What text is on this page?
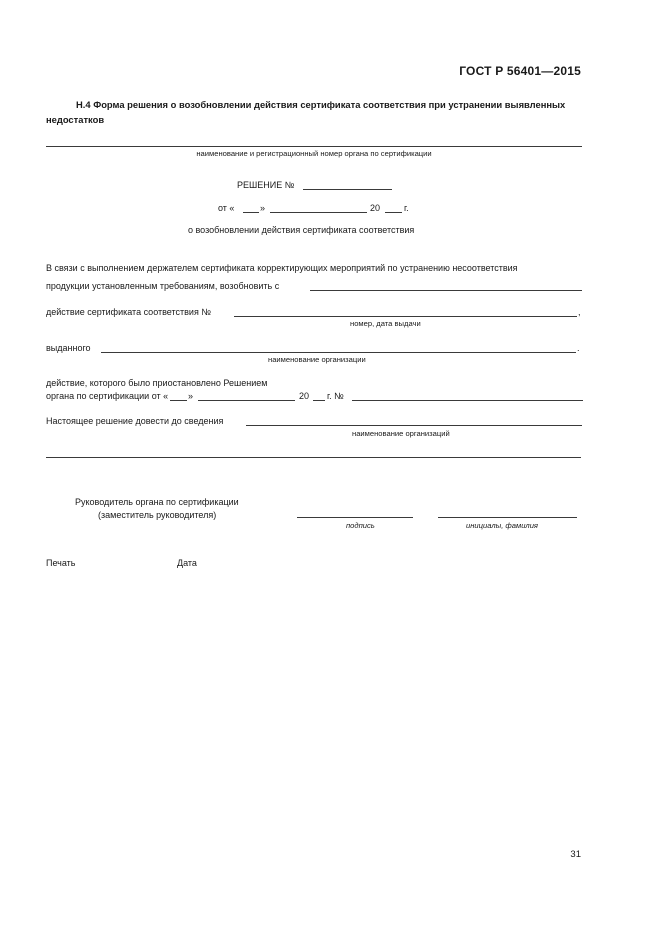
ГОСТ Р 56401—2015
Н.4 Форма решения о возобновлении действия сертификата соответствия при устранении выявленных недостатков
наименование и регистрационный номер органа по сертификации
РЕШЕНИЕ №
от «	»	20	г.
о возобновлении действия сертификата соответствия
В связи с выполнением держателем сертификата корректирующих мероприятий по устранению несоответствия
продукции установленным требованиям, возобновить с
действие сертификата соответствия №	,
номер, дата выдачи
выданного	.
наименование организации
действие, которого было приостановлено Решением
органа по сертификации от « »	20 г. №
Настоящее решение довести до сведения
наименование организаций
Руководитель органа по сертификации
(заместитель руководителя)
подпись	инициалы, фамилия
Печать	Дата
31
